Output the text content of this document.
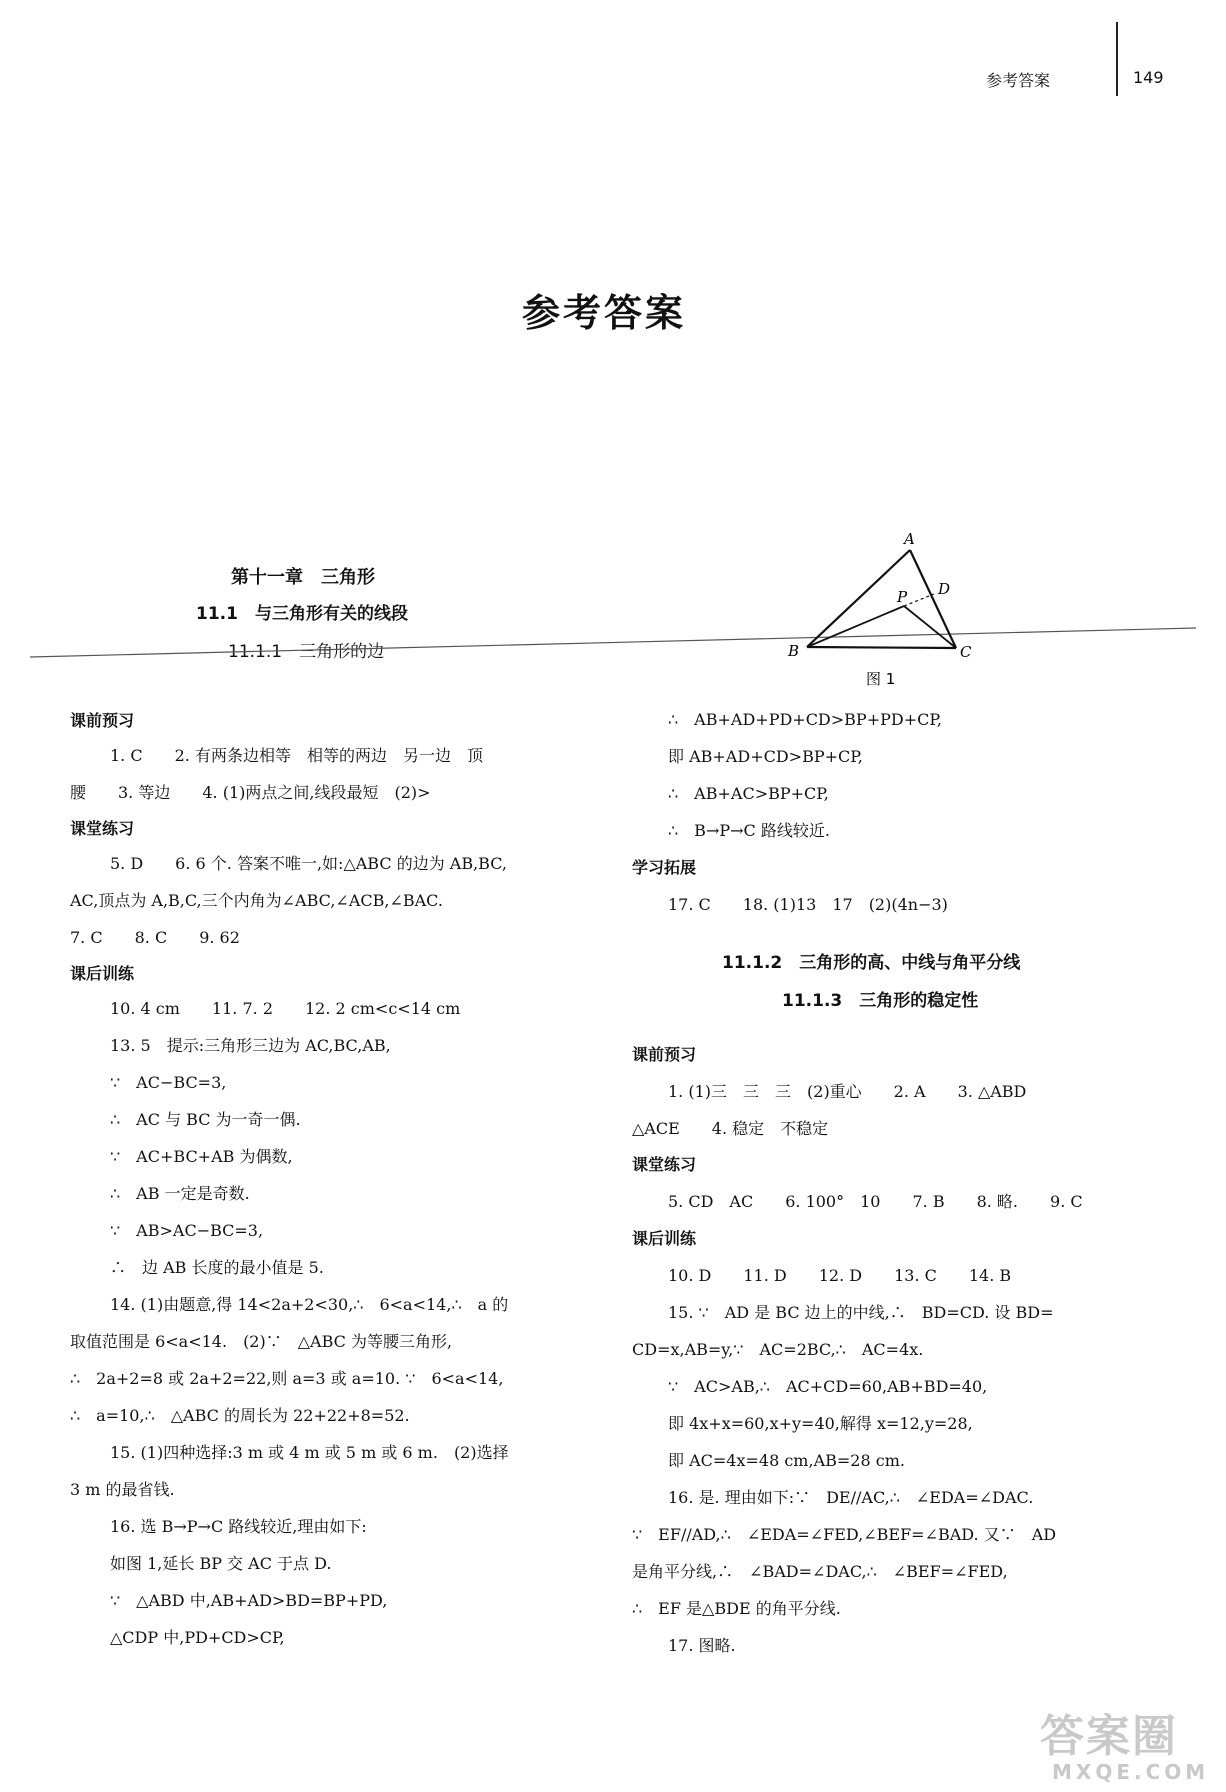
参考答案	149
参考答案
第十一章　三角形
11.1　与三角形有关的线段
11.1.1　三角形的边
A
B	C
D
P
图 1
课前预习
1. C　　2. 有两条边相等　相等的两边　另一边　顶
腰　　3. 等边　　4. (1)两点之间,线段最短　(2)>
课堂练习
5. D　　6. 6 个. 答案不唯一,如:△ABC 的边为 AB,BC,
AC,顶点为 A,B,C,三个内角为∠ABC,∠ACB,∠BAC.
7. C　　8. C　　9. 62
课后训练
10. 4 cm　　11. 7. 2　　12. 2 cm<c<14 cm
13. 5　提示:三角形三边为 AC,BC,AB,
∵　AC−BC=3,
∴　AC 与 BC 为一奇一偶.
∵　AC+BC+AB 为偶数,
∴　AB 一定是奇数.
∵　AB>AC−BC=3,
∴　边 AB 长度的最小值是 5.
14. (1)由题意,得 14<2a+2<30,∴　6<a<14,∴　a 的
取值范围是 6<a<14.　(2)∵　△ABC 为等腰三角形,
∴　2a+2=8 或 2a+2=22,则 a=3 或 a=10. ∵　6<a<14,
∴　a=10,∴　△ABC 的周长为 22+22+8=52.
15. (1)四种选择:3 m 或 4 m 或 5 m 或 6 m.　(2)选择
3 m 的最省钱.
16. 选 B→P→C 路线较近,理由如下:
如图 1,延长 BP 交 AC 于点 D.
∵　△ABD 中,AB+AD>BD=BP+PD,
△CDP 中,PD+CD>CP,
∴　AB+AD+PD+CD>BP+PD+CP,
即 AB+AD+CD>BP+CP,
∴　AB+AC>BP+CP,
∴　B→P→C 路线较近.
学习拓展
17. C　　18. (1)13　17　(2)(4n−3)
11.1.2　三角形的高、中线与角平分线
11.1.3　三角形的稳定性
课前预习
1. (1)三　三　三　(2)重心　　2. A　　3. △ABD
△ACE　　4. 稳定　不稳定
课堂练习
5. CD　AC　　6. 100°　10　　7. B　　8. 略.　　9. C
课后训练
10. D　　11. D　　12. D　　13. C　　14. B
15. ∵　AD 是 BC 边上的中线,∴　BD=CD. 设 BD=
CD=x,AB=y,∵　AC=2BC,∴　AC=4x.
∵　AC>AB,∴　AC+CD=60,AB+BD=40,
即 4x+x=60,x+y=40,解得 x=12,y=28,
即 AC=4x=48 cm,AB=28 cm.
16. 是. 理由如下:∵　DE//AC,∴　∠EDA=∠DAC.
∵　EF//AD,∴　∠EDA=∠FED,∠BEF=∠BAD. 又∵　AD
是角平分线,∴　∠BAD=∠DAC,∴　∠BEF=∠FED,
∴　EF 是△BDE 的角平分线.
17. 图略.
答案圈
MXQE.COM
